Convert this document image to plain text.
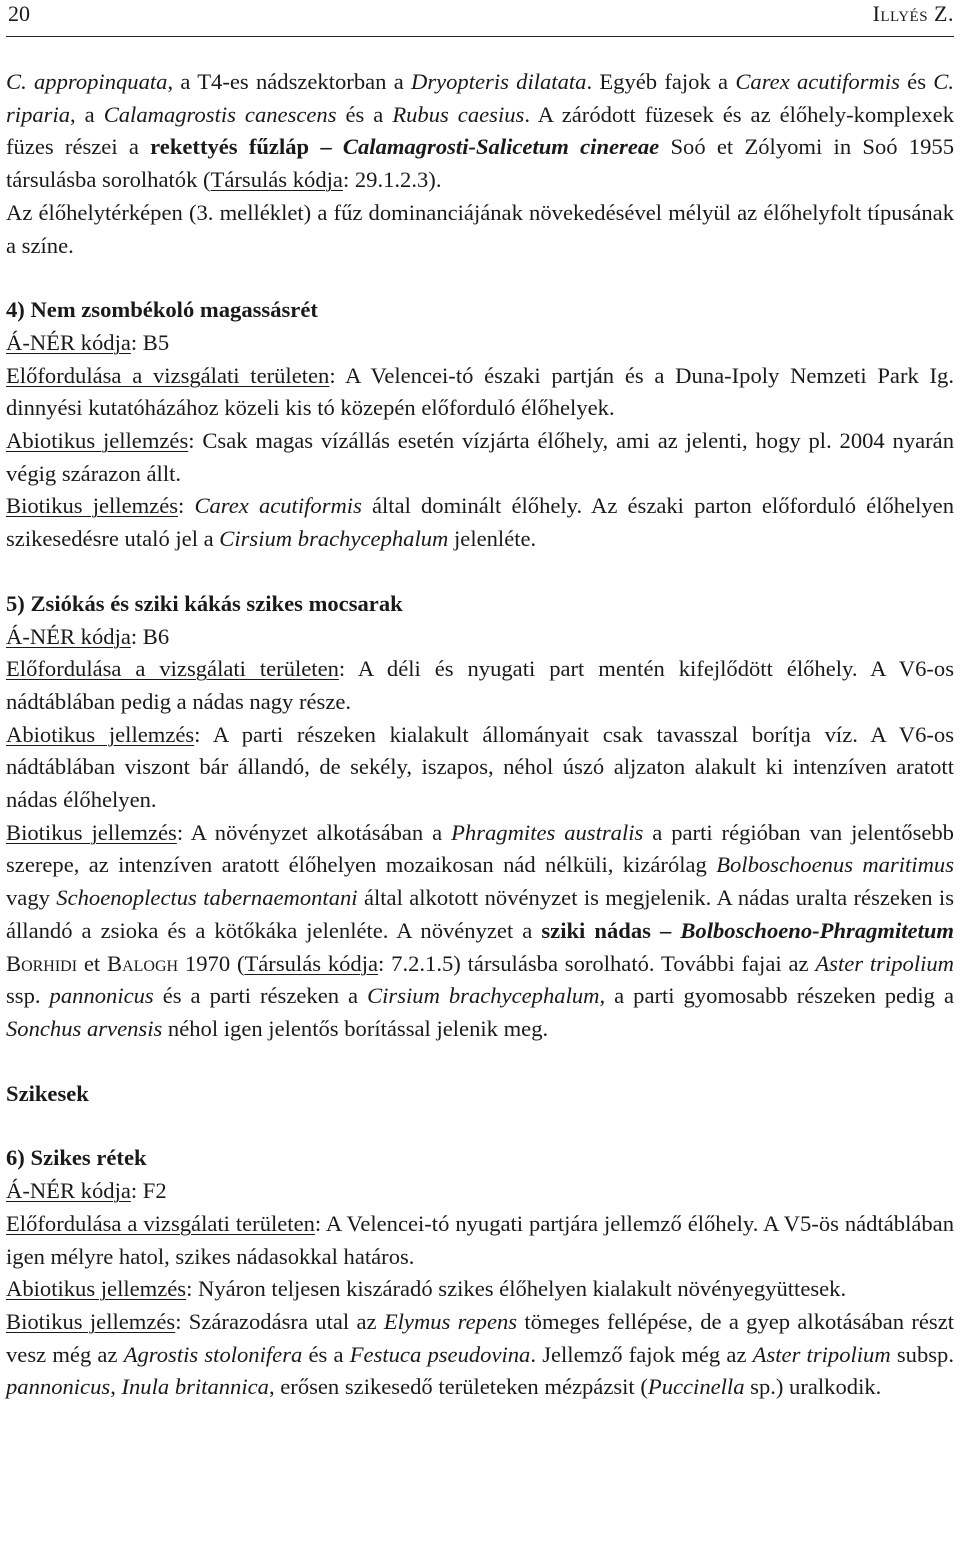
20	Illyés Z.

C. appropinquata, a T4-es nádszektorban a Dryopteris dilatata. Egyéb fajok a Carex acutiformis és C. riparia, a Calamagrostis canescens és a Rubus caesius. A záródott füzesek és az élőhely-komplexek füzes részei a rekettyés fűzláp – Calamagrosti-Salicetum cinereae Soó et Zólyomi in Soó 1955 társulásba sorolhatók (Társulás kódja: 29.1.2.3).

Az élőhelytérképen (3. melléklet) a fűz dominanciájának növekedésével mélyül az élőhelyfolt típusának a színe.

4) Nem zsombékoló magassásrét

Á-NÉR kódja: B5

Előfordulása a vizsgálati területen: A Velencei-tó északi partján és a Duna-Ipoly Nemzeti Park Ig. dinnyési kutatóházához közeli kis tó közepén előforduló élőhelyek.

Abiotikus jellemzés: Csak magas vízállás esetén vízjárta élőhely, ami az jelenti, hogy pl. 2004 nyarán végig szárazon állt.

Biotikus jellemzés: Carex acutiformis által dominált élőhely. Az északi parton előforduló élőhelyen szikesedésre utaló jel a Cirsium brachycephalum jelenléte.

5) Zsiókás és sziki kákás szikes mocsarak

Á-NÉR kódja: B6

Előfordulása a vizsgálati területen: A déli és nyugati part mentén kifejlődött élőhely. A V6-os nádtáblában pedig a nádas nagy része.

Abiotikus jellemzés: A parti részeken kialakult állományait csak tavasszal borítja víz. A V6-os nádtáblában viszont bár állandó, de sekély, iszapos, néhol úszó aljzaton alakult ki intenzíven aratott nádas élőhelyen.

Biotikus jellemzés: A növényzet alkotásában a Phragmites australis a parti régióban van jelentősebb szerepe, az intenzíven aratott élőhelyen mozaikosan nád nélküli, kizárólag Bolboschoenus maritimus vagy Schoenoplectus tabernaemontani által alkotott növényzet is megjelenik. A nádas uralta részeken is állandó a zsioka és a kötőkáka jelenléte. A növényzet a sziki nádas – Bolboschoeno-Phragmitetum Borhidi et Balogh 1970 (Társulás kódja: 7.2.1.5) társulásba sorolható. További fajai az Aster tripolium ssp. pannonicus és a parti részeken a Cirsium brachycephalum, a parti gyomosabb részeken pedig a Sonchus arvensis néhol igen jelentős borítással jelenik meg.

Szikesek

6) Szikes rétek

Á-NÉR kódja: F2

Előfordulása a vizsgálati területen: A Velencei-tó nyugati partjára jellemző élőhely. A V5-ös nádtáblában igen mélyre hatol, szikes nádasokkal határos.

Abiotikus jellemzés: Nyáron teljesen kiszáradó szikes élőhelyen kialakult növényegyüttesek.

Biotikus jellemzés: Szárazodásra utal az Elymus repens tömeges fellépése, de a gyep alkotásában részt vesz még az Agrostis stolonifera és a Festuca pseudovina. Jellemző fajok még az Aster tripolium subsp. pannonicus, Inula britannica, erősen szikesedő területeken mézpázsit (Puccinella sp.) uralkodik.
